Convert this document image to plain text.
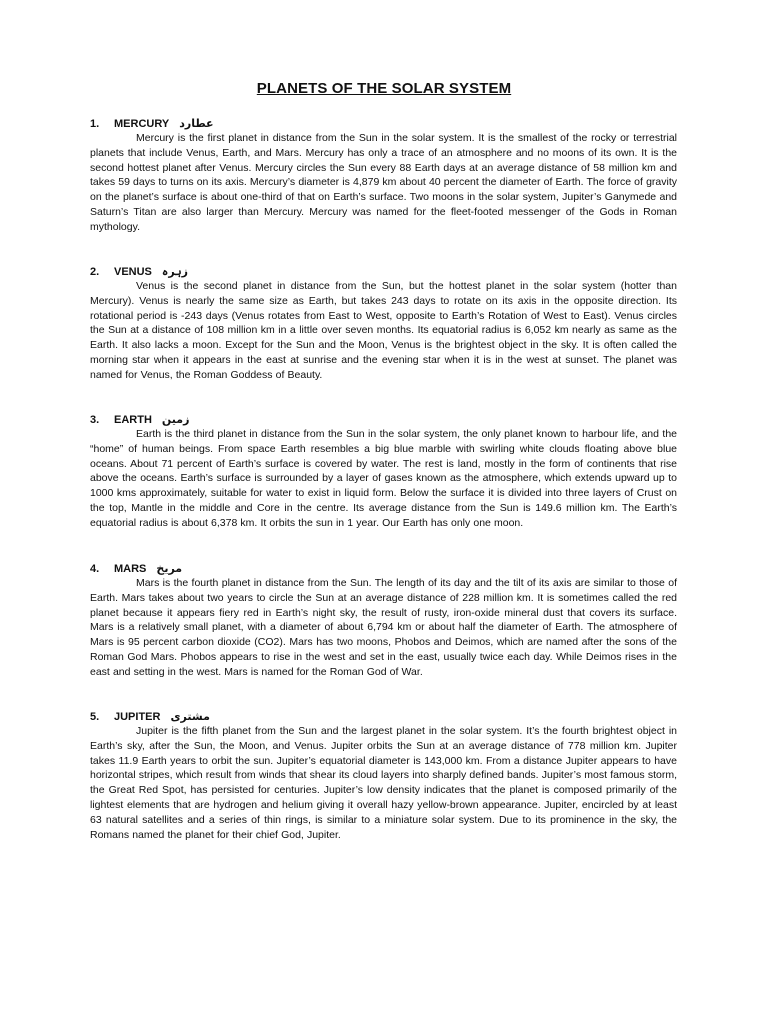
PLANETS OF THE SOLAR SYSTEM
1. MERCURY عطارد

Mercury is the first planet in distance from the Sun in the solar system. It is the smallest of the rocky or terrestrial planets that include Venus, Earth, and Mars. Mercury has only a trace of an atmosphere and no moons of its own. It is the second hottest planet after Venus. Mercury circles the Sun every 88 Earth days at an average distance of 58 million km and takes 59 days to turns on its axis. Mercury’s diameter is 4,879 km about 40 percent the diameter of Earth. The force of gravity on the planet’s surface is about one-third of that on Earth’s surface. Two moons in the solar system, Jupiter’s Ganymede and Saturn’s Titan are also larger than Mercury. Mercury was named for the fleet-footed messenger of the Gods in Roman mythology.

2. VENUS زہرہ

Venus is the second planet in distance from the Sun, but the hottest planet in the solar system (hotter than Mercury). Venus is nearly the same size as Earth, but takes 243 days to rotate on its axis in the opposite direction. Its rotational period is -243 days (Venus rotates from East to West, opposite to Earth’s Rotation of West to East). Venus circles the Sun at a distance of 108 million km in a little over seven months. Its equatorial radius is 6,052 km nearly as same as the Earth. It also lacks a moon. Except for the Sun and the Moon, Venus is the brightest object in the sky. It is often called the morning star when it appears in the east at sunrise and the evening star when it is in the west at sunset. The planet was named for Venus, the Roman Goddess of Beauty.

3. EARTH زمین

Earth is the third planet in distance from the Sun in the solar system, the only planet known to harbour life, and the “home” of human beings. From space Earth resembles a big blue marble with swirling white clouds floating above blue oceans. About 71 percent of Earth’s surface is covered by water. The rest is land, mostly in the form of continents that rise above the oceans. Earth’s surface is surrounded by a layer of gases known as the atmosphere, which extends upward up to 1000 kms approximately, suitable for water to exist in liquid form. Below the surface it is divided into three layers of Crust on the top, Mantle in the middle and Core in the centre. Its average distance from the Sun is 149.6 million km. The Earth’s equatorial radius is about 6,378 km. It orbits the sun in 1 year. Our Earth has only one moon.

4. MARS مریخ

Mars is the fourth planet in distance from the Sun. The length of its day and the tilt of its axis are similar to those of Earth. Mars takes about two years to circle the Sun at an average distance of 228 million km. It is sometimes called the red planet because it appears fiery red in Earth’s night sky, the result of rusty, iron-oxide mineral dust that covers its surface. Mars is a relatively small planet, with a diameter of about 6,794 km or about half the diameter of Earth. The atmosphere of Mars is 95 percent carbon dioxide (CO2). Mars has two moons, Phobos and Deimos, which are named after the sons of the Roman God Mars. Phobos appears to rise in the west and set in the east, usually twice each day. While Deimos rises in the east and setting in the west. Mars is named for the Roman God of War.

5. JUPITER مشتری

Jupiter is the fifth planet from the Sun and the largest planet in the solar system. It’s the fourth brightest object in Earth’s sky, after the Sun, the Moon, and Venus. Jupiter orbits the Sun at an average distance of 778 million km. Jupiter takes 11.9 Earth years to orbit the sun. Jupiter’s equatorial diameter is 143,000 km. From a distance Jupiter appears to have horizontal stripes, which result from winds that shear its cloud layers into sharply defined bands. Jupiter’s most famous storm, the Great Red Spot, has persisted for centuries. Jupiter’s low density indicates that the planet is composed primarily of the lightest elements that are hydrogen and helium giving it overall hazy yellow-brown appearance. Jupiter, encircled by at least 63 natural satellites and a series of thin rings, is similar to a miniature solar system. Due to its prominence in the sky, the Romans named the planet for their chief God, Jupiter.
